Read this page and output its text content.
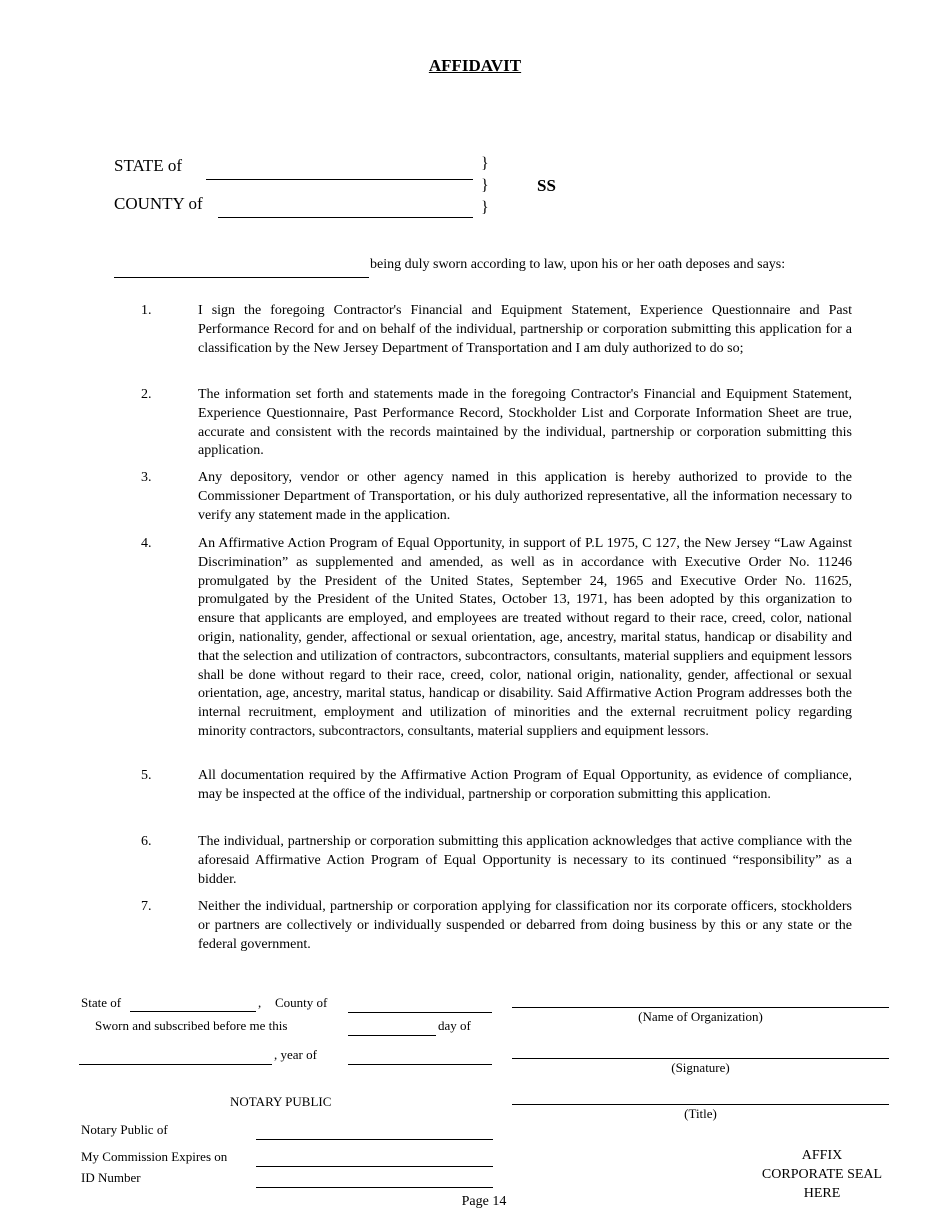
AFFIDAVIT
STATE of
COUNTY of
}
}
}
SS
being duly sworn according to law, upon his or her oath deposes and says:
1.	I sign the foregoing Contractor's Financial and Equipment Statement, Experience Questionnaire and Past Performance Record for and on behalf of the individual, partnership or corporation submitting this application for a classification by the New Jersey Department of Transportation and I am duly authorized to do so;
2.	The information set forth and statements made in the foregoing Contractor's Financial and Equipment Statement, Experience Questionnaire, Past Performance Record, Stockholder List and Corporate Information Sheet are true, accurate and consistent with the records maintained by the individual, partnership or corporation submitting this application.
3.	Any depository, vendor or other agency named in this application is hereby authorized to provide to the Commissioner Department of Transportation, or his duly authorized representative, all the information necessary to verify any statement made in the application.
4.	An Affirmative Action Program of Equal Opportunity, in support of P.L 1975, C 127, the New Jersey “Law Against Discrimination” as supplemented and amended, as well as in accordance with Executive Order No. 11246 promulgated by the President of the United States, September 24, 1965 and Executive Order No. 11625, promulgated by the President of the United States, October 13, 1971, has been adopted by this organization to ensure that applicants are employed, and employees are treated without regard to their race, creed, color, national origin, nationality, gender, affectional or sexual orientation, age, ancestry, marital status, handicap or disability and that the selection and utilization of contractors, subcontractors, consultants, material suppliers and equipment lessors shall be done without regard to their race, creed, color, national origin, nationality, gender, affectional or sexual orientation, age, ancestry, marital status, handicap or disability. Said Affirmative Action Program addresses both the internal recruitment, employment and utilization of minorities and the external recruitment policy regarding minority contractors, subcontractors, consultants, material suppliers and equipment lessors.
5.	All documentation required by the Affirmative Action Program of Equal Opportunity, as evidence of compliance, may be inspected at the office of the individual, partnership or corporation submitting this application.
6.	The individual, partnership or corporation submitting this application acknowledges that active compliance with the aforesaid Affirmative Action Program of Equal Opportunity is necessary to its continued “responsibility” as a bidder.
7.	Neither the individual, partnership or corporation applying for classification nor its corporate officers, stockholders or partners are collectively or individually suspended or debarred from doing business by this or any state or the federal government.
State of	, County of
Sworn and subscribed before me this	day of
, year of
NOTARY PUBLIC
Notary Public of
My Commission Expires on
ID Number
(Name of Organization)
(Signature)
(Title)
AFFIX
CORPORATE SEAL
HERE
Page 14
